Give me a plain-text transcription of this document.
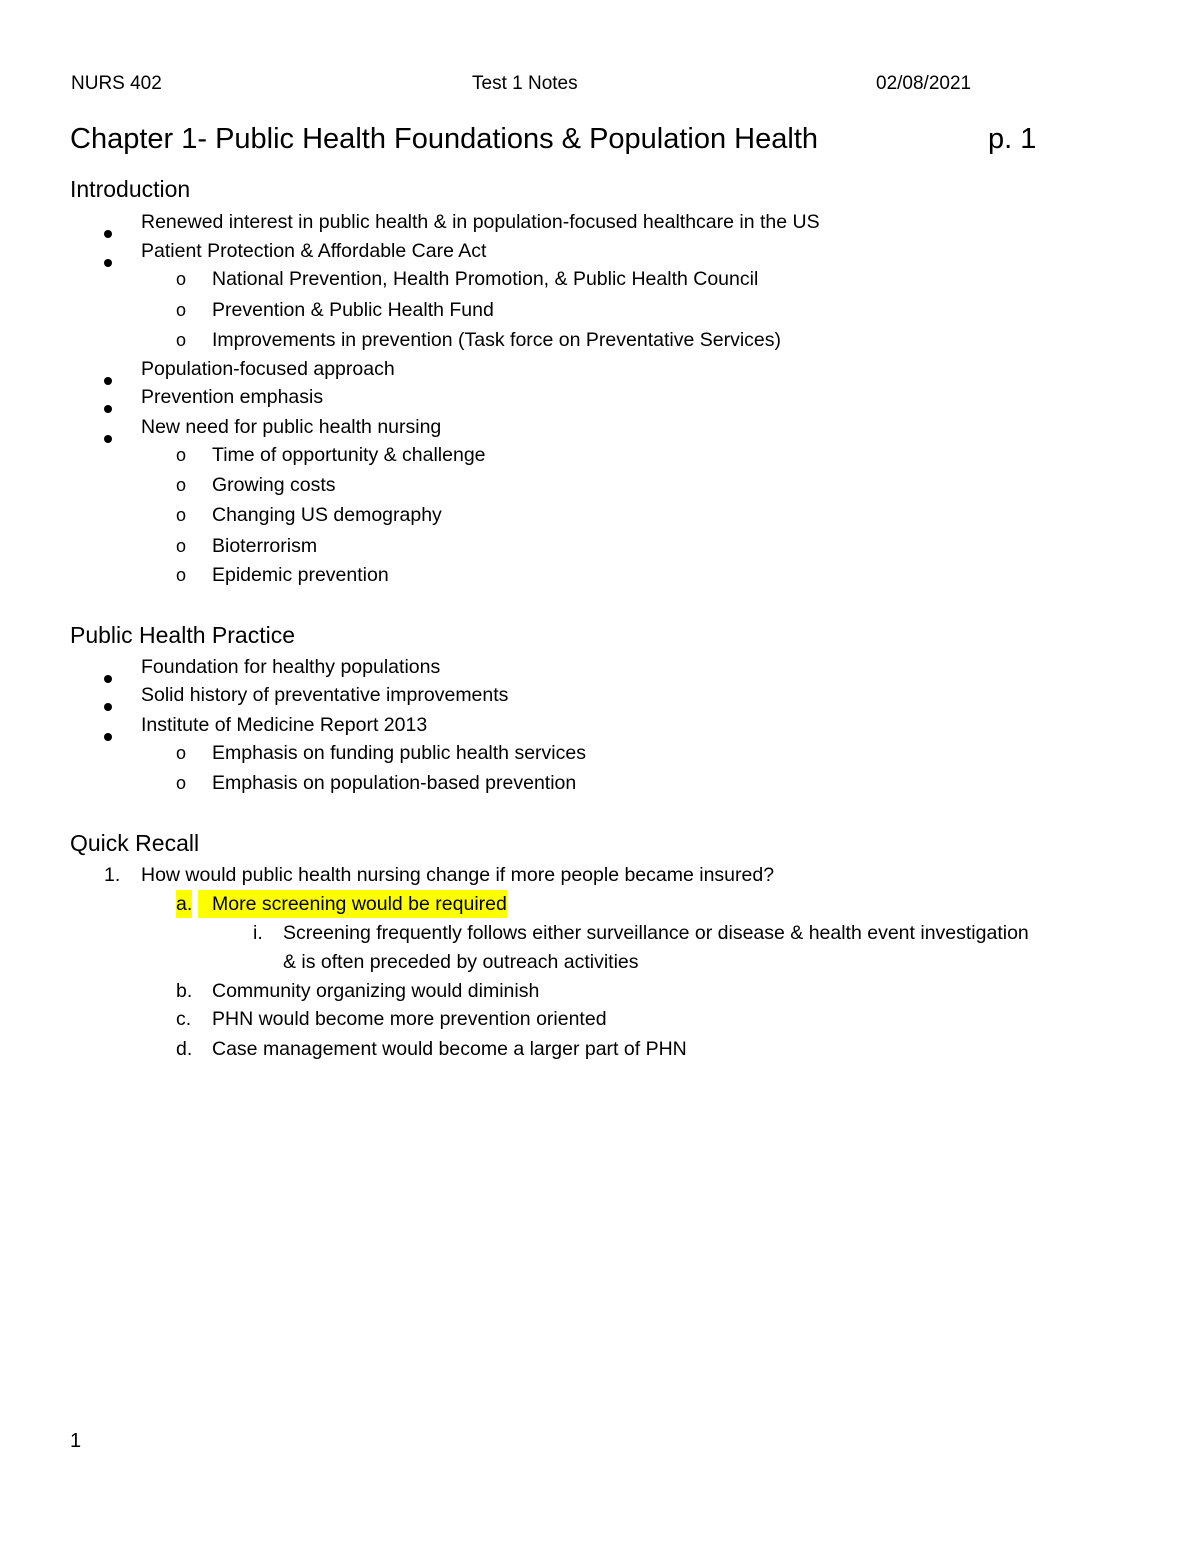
NURS 402	Test 1 Notes	02/08/2021
Chapter 1- Public Health Foundations & Population Health	p. 1
Introduction
Renewed interest in public health & in population-focused healthcare in the US
Patient Protection & Affordable Care Act
o National Prevention, Health Promotion, & Public Health Council
o Prevention & Public Health Fund
o Improvements in prevention (Task force on Preventative Services)
Population-focused approach
Prevention emphasis
New need for public health nursing
o Time of opportunity & challenge
o Growing costs
o Changing US demography
o Bioterrorism
o Epidemic prevention
Public Health Practice
Foundation for healthy populations
Solid history of preventative improvements
Institute of Medicine Report 2013
o Emphasis on funding public health services
o Emphasis on population-based prevention
Quick Recall
1. How would public health nursing change if more people became insured?
a.	More screening would be required
i. Screening frequently follows either surveillance or disease & health event investigation
& is often preceded by outreach activities
b. Community organizing would diminish
c. PHN would become more prevention oriented
d. Case management would become a larger part of PHN
1
